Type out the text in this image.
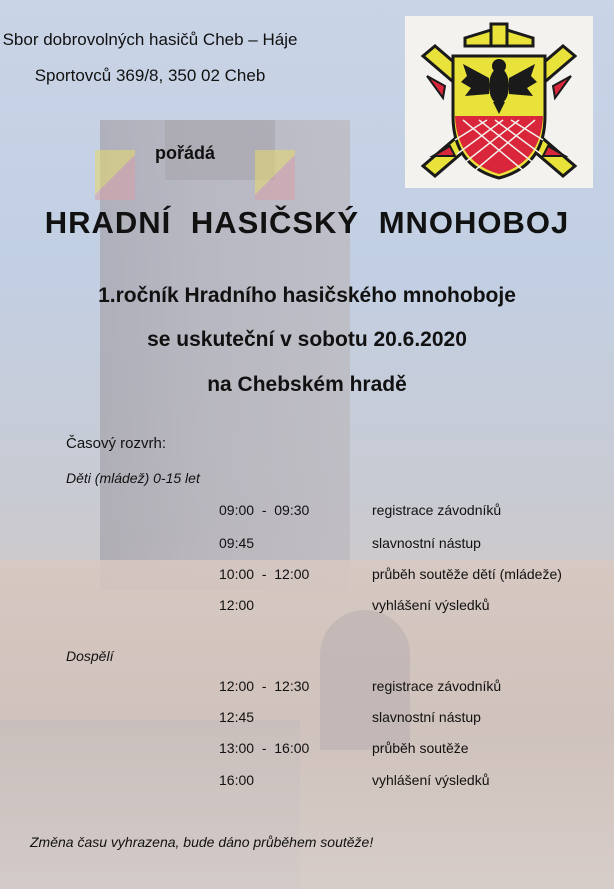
Sbor dobrovolných hasičů Cheb – Háje
Sportovců 369/8, 350 02 Cheb
pořádá
HRADNÍ HASIČSKÝ MNOHOBOJ
1.ročník Hradního hasičského mnohoboje
se uskuteční v sobotu 20.6.2020
na Chebském hradě
Časový rozvrh:
Děti (mládež) 0-15 let
09:00  -  09:30	registrace závodníků
09:45	slavnostní nástup
10:00  -  12:00	průběh soutěže dětí (mládeže)
12:00	vyhlášení výsledků
Dospělí
12:00  -  12:30	registrace závodníků
12:45	slavnostní nástup
13:00  -  16:00	průběh soutěže
16:00	vyhlášení výsledků
Změna času vyhrazena, bude dáno průběhem soutěže!
